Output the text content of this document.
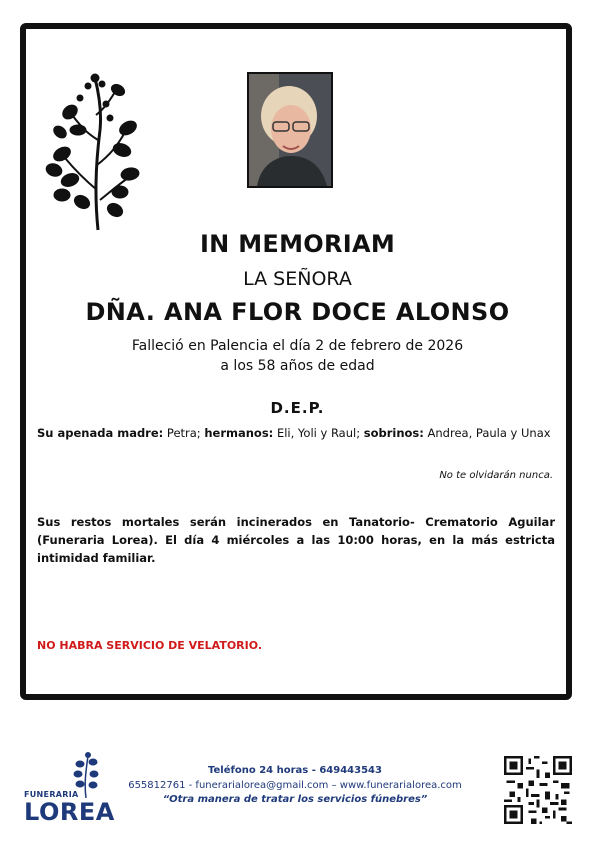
IN MEMORIAM
LA SEÑORA
DÑA. ANA FLOR DOCE ALONSO
Falleció en Palencia el día 2 de febrero de 2026
a los 58 años de edad
D.E.P.
Su apenada madre: Petra; hermanos: Eli, Yoli y Raul; sobrinos: Andrea, Paula y Unax
No te olvidarán nunca.
Sus restos mortales serán incinerados en Tanatorio- Crematorio Aguilar (Funeraria Lorea). El día 4 miércoles a las 10:00 horas, en la más estricta intimidad familiar.
NO HABRA SERVICIO DE VELATORIO.
FUNERARIA
LOREA
Teléfono 24 horas - 649443543
655812761 - funerarialorea@gmail.com – www.funerarialorea.com
“Otra manera de tratar los servicios fúnebres”
